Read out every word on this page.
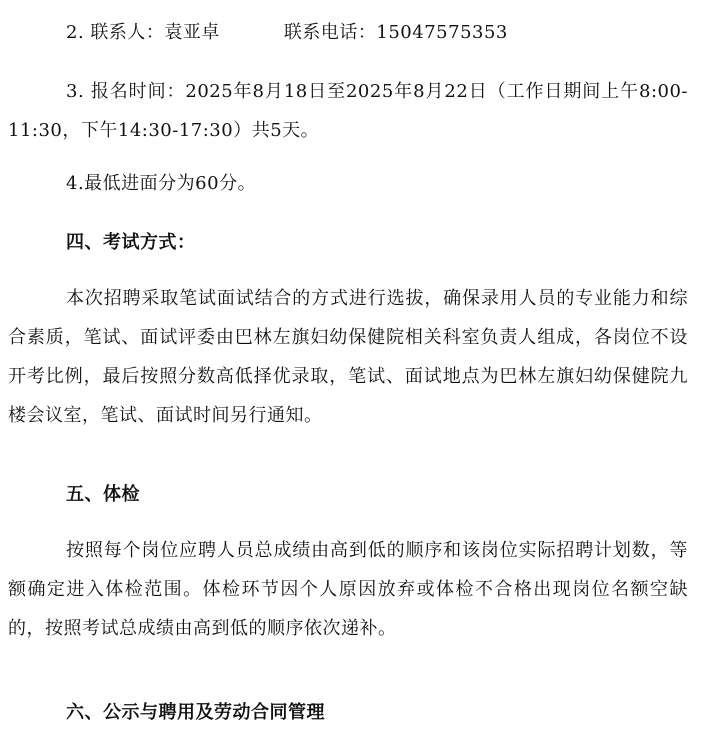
2. 联系人：袁亚卓	联系电话：15047575353
3. 报名时间：2025年8月18日至2025年8月22日（工作日期间上午8:00-11:30，下午14:30-17:30）共5天。
4.最低进面分为60分。
四、考试方式：
本次招聘采取笔试面试结合的方式进行选拔，确保录用人员的专业能力和综合素质，笔试、面试评委由巴林左旗妇幼保健院相关科室负责人组成，各岗位不设开考比例，最后按照分数高低择优录取，笔试、面试地点为巴林左旗妇幼保健院九楼会议室，笔试、面试时间另行通知。
五、体检
按照每个岗位应聘人员总成绩由高到低的顺序和该岗位实际招聘计划数，等额确定进入体检范围。体检环节因个人原因放弃或体检不合格出现岗位名额空缺的，按照考试总成绩由高到低的顺序依次递补。
六、公示与聘用及劳动合同管理
